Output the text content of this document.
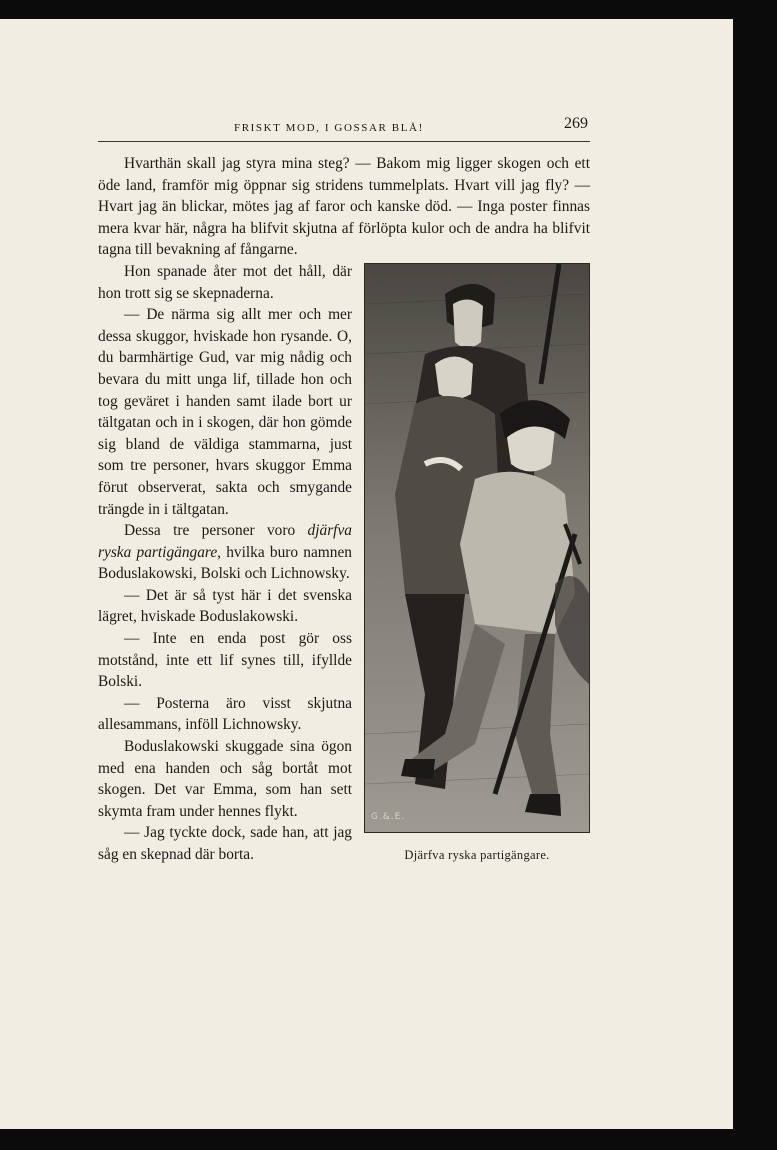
FRISKT MOD, I GOSSAR BLÅ!	269

Hvarthän skall jag styra mina steg? — Bakom mig ligger skogen och ett öde land, framför mig öppnar sig stridens tummelplats. Hvart vill jag fly? — Hvart jag än blickar, mötes jag af faror och kanske död. — Inga poster finnas mera kvar här, några ha blifvit skjutna af förlöpta kulor och de andra ha blifvit tagna till bevakning af fångarne.

G.&.E.
Djärfva ryska partigängare.

Hon spanade åter mot det håll, där hon trott sig se skepnaderna.

— De närma sig allt mer och mer dessa skuggor, hviskade hon rysande. O, du barmhärtige Gud, var mig nådig och bevara du mitt unga lif, tillade hon och tog geväret i handen samt ilade bort ur tältgatan och in i skogen, där hon gömde sig bland de väldiga stammarna, just som tre personer, hvars skuggor Emma förut observerat, sakta och smygande trängde in i tältgatan.

Dessa tre personer voro djärfva ryska partigängare, hvilka buro namnen Boduslakowski, Bolski och Lichnowsky.

— Det är så tyst här i det svenska lägret, hviskade Boduslakowski.

— Inte en enda post gör oss motstånd, inte ett lif synes till, ifyllde Bolski.

— Posterna äro visst skjutna allesammans, inföll Lichnowsky.

Boduslakowski skuggade sina ögon med ena handen och såg bortåt mot skogen. Det var Emma, som han sett skymta fram under hennes flykt.

— Jag tyckte dock, sade han, att jag såg en skepnad där borta.
